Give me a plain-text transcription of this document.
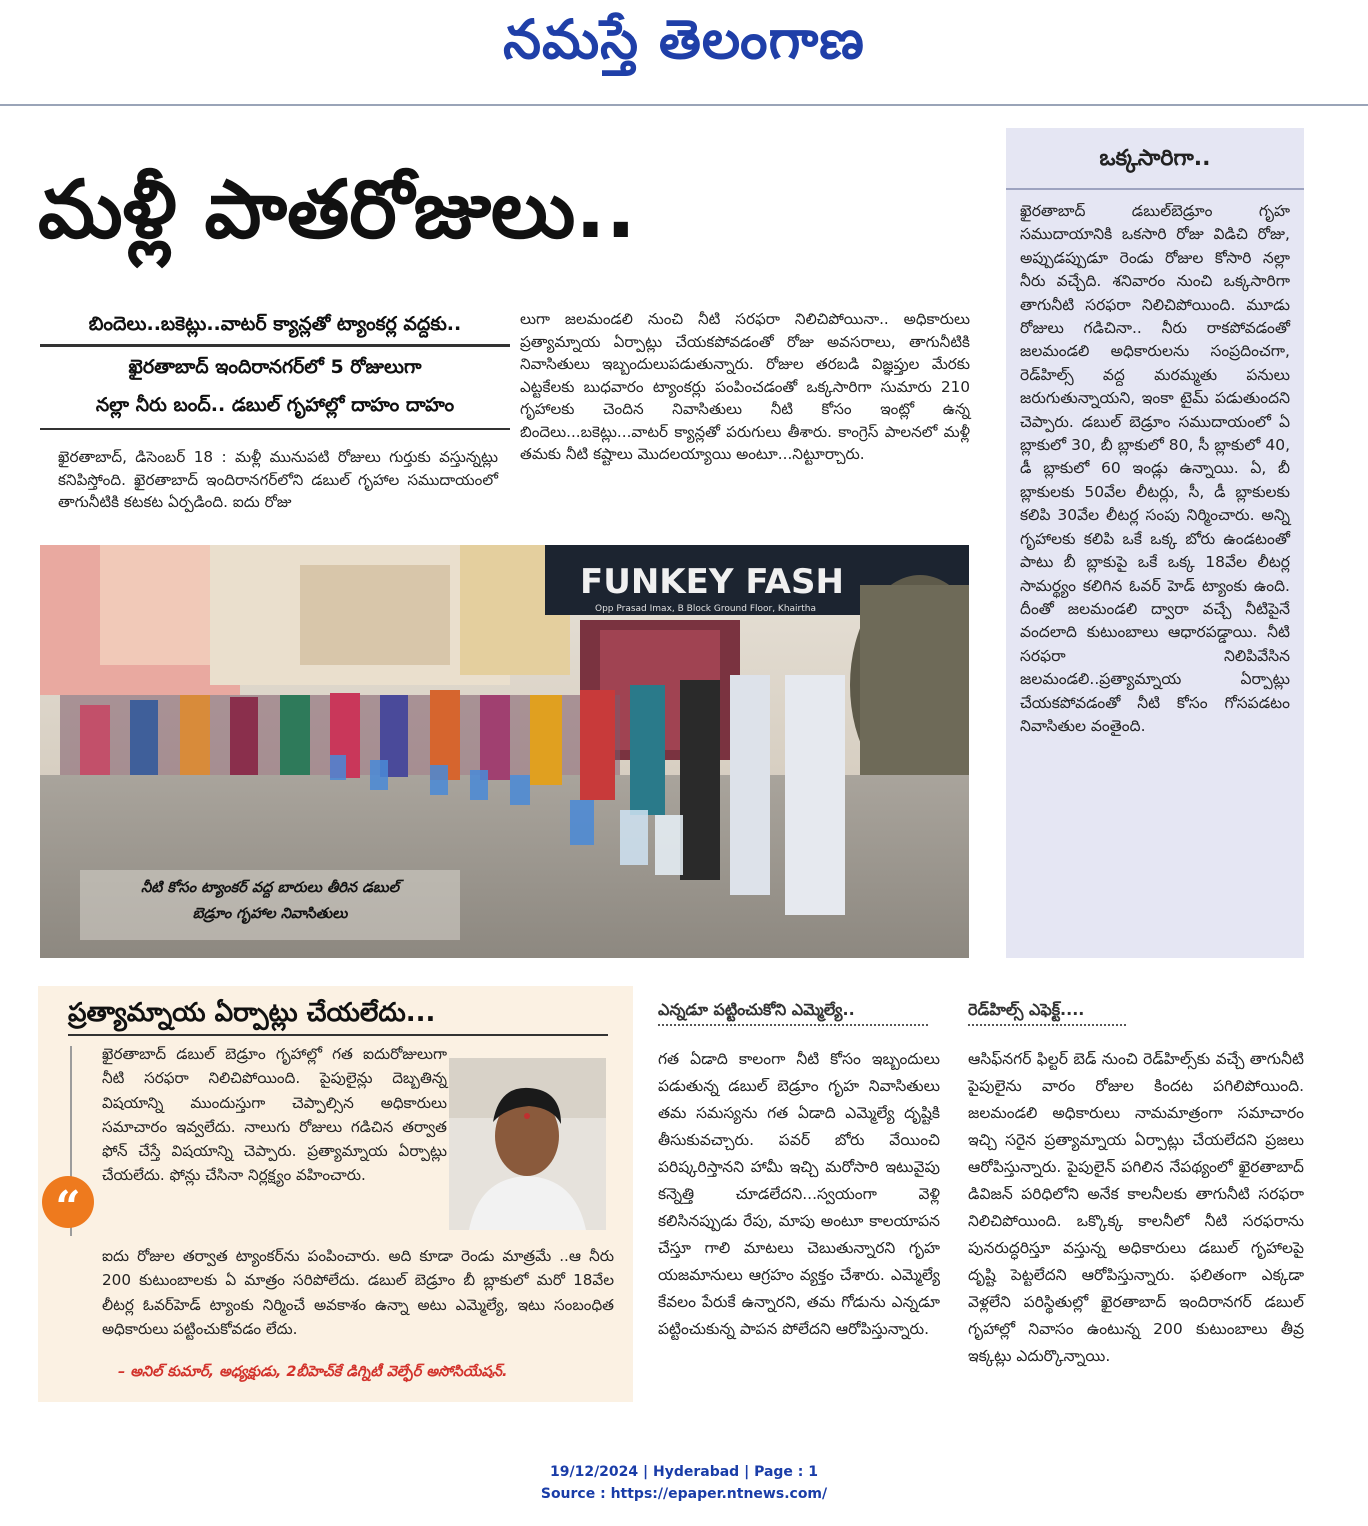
నమస్తే తెలంగాణ
మళ్లీ పాతరోజులు..
బిందెలు..బకెట్లు..వాటర్‌ క్యాన్లతో ట్యాంకర్ల వద్దకు..
ఖైరతాబాద్‌ ఇందిరానగర్‌లో 5 రోజులుగా
నల్లా నీరు బంద్‌.. డబుల్‌ గృహాల్లో దాహం దాహం
ఖైరతాబాద్‌, డిసెంబర్‌ 18 : మళ్లీ మునుపటి రోజులు గుర్తుకు వస్తున్నట్లు కనిపిస్తోంది. ఖైరతాబాద్‌ ఇందిరానగర్‌లోని డబుల్‌ గృహాల సముదాయంలో తాగునీటికి కటకట ఏర్పడింది. ఐదు రోజు
లుగా జలమండలి నుంచి నీటి సరఫరా నిలిచిపోయినా.. అధికారులు ప్రత్యామ్నాయ ఏర్పాట్లు చేయకపోవడంతో రోజు అవసరాలు, తాగునీటికి నివాసితులు ఇబ్బందులుపడుతున్నారు. రోజుల తరబడి విజ్ఞప్తుల మేరకు ఎట్టకేలకు బుధవారం ట్యాంకర్లు పంపించడంతో ఒక్కసారిగా సుమారు 210 గృహాలకు చెందిన నివాసితులు నీటి కోసం ఇంట్లో ఉన్న బిందెలు...బకెట్లు...వాటర్‌ క్యాన్లతో పరుగులు తీశారు. కాంగ్రెస్‌ పాలనలో మళ్లీ తమకు నీటి కష్టాలు మొదలయ్యాయి అంటూ...నిట్టూర్చారు.
FUNKEY FASH
Opp Prasad Imax, B Block Ground Floor, Khairtha
నీటి కోసం ట్యాంకర్‌ వద్ద బారులు తీరిన డబుల్‌
బెడ్రూం గృహాల నివాసితులు
ఒక్కసారిగా..
ఖైరతాబాద్‌ డబుల్‌బెడ్రూం గృహ సముదాయానికి ఒకసారి రోజు విడిచి రోజు, అప్పుడప్పుడూ రెండు రోజుల కోసారి నల్లా నీరు వచ్చేది. శనివారం నుంచి ఒక్కసారిగా తాగునీటి సరఫరా నిలిచిపోయింది. మూడు రోజులు గడిచినా.. నీరు రాకపోవడంతో జలమండలి అధికారులను సంప్రదించగా, రెడ్‌హిల్స్‌ వద్ద మరమ్మతు పనులు జరుగుతున్నాయని, ఇంకా టైమ్‌ పడుతుందని చెప్పారు. డబుల్‌ బెడ్రూం సముదాయంలో ఏ బ్లాకులో 30, బీ బ్లాకులో 80, సీ బ్లాకులో 40, డీ బ్లాకులో 60 ఇండ్లు ఉన్నాయి. ఏ, బీ బ్లాకులకు 50వేల లీటర్లు, సీ, డీ బ్లాకులకు కలిపి 30వేల లీటర్ల సంపు నిర్మించారు. అన్ని గృహాలకు కలిపి ఒకే ఒక్క బోరు ఉండటంతో పాటు బీ బ్లాకుపై ఒకే ఒక్క 18వేల లీటర్ల సామర్థ్యం కలిగిన ఓవర్‌ హెడ్‌ ట్యాంకు ఉంది. దీంతో జలమండలి ద్వారా వచ్చే నీటిపైనే వందలాది కుటుంబాలు ఆధారపడ్డాయి. నీటి సరఫరా నిలిపివేసిన జలమండలి..ప్రత్యామ్నాయ ఏర్పాట్లు చేయకపోవడంతో నీటి కోసం గోసపడటం నివాసితుల వంతైంది.
ప్రత్యామ్నాయ ఏర్పాట్లు చేయలేదు...
“
ఖైరతాబాద్‌ డబుల్‌ బెడ్రూం గృహాల్లో గత ఐదురోజులుగా నీటి సరఫరా నిలిచిపోయింది. పైపులైన్లు దెబ్బతిన్న విషయాన్ని ముందుస్తుగా చెప్పాల్సిన అధికారులు సమాచారం ఇవ్వలేదు. నాలుగు రోజులు గడిచిన తర్వాత ఫోన్‌ చేస్తే విషయాన్ని చెప్పారు. ప్రత్యామ్నాయ ఏర్పాట్లు చేయలేదు. ఫోన్లు చేసినా నిర్లక్ష్యం వహించారు.
ఐదు రోజుల తర్వాత ట్యాంకర్‌ను పంపించారు. అది కూడా రెండు మాత్రమే ..ఆ నీరు 200 కుటుంబాలకు ఏ మాత్రం సరిపోలేదు. డబుల్‌ బెడ్రూం బీ బ్లాకులో మరో 18వేల లీటర్ల ఓవర్‌హెడ్‌ ట్యాంకు నిర్మించే అవకాశం ఉన్నా అటు ఎమ్మెల్యే, ఇటు సంబంధిత అధికారులు పట్టించుకోవడం లేదు.
– అనిల్‌ కుమార్‌, అధ్యక్షుడు, 2బీహెచ్‌కే డిగ్నిటీ వెల్ఫేర్‌ అసోసియేషన్‌.
ఎన్నడూ పట్టించుకోని ఎమ్మెల్యే..
గత ఏడాది కాలంగా నీటి కోసం ఇబ్బందులు పడుతున్న డబుల్‌ బెడ్రూం గృహ నివాసితులు తమ సమస్యను గత ఏడాది ఎమ్మెల్యే దృష్టికి తీసుకువచ్చారు. పవర్‌ బోరు వేయించి పరిష్కరిస్తానని హామీ ఇచ్చి మరోసారి ఇటువైపు కన్నెత్తి చూడలేదని...స్వయంగా వెళ్లి కలిసినప్పుడు రేపు, మాపు అంటూ కాలయాపన చేస్తూ గాలి మాటలు చెబుతున్నారని గృహ యజమానులు ఆగ్రహం వ్యక్తం చేశారు. ఎమ్మెల్యే కేవలం పేరుకే ఉన్నారని, తమ గోడును ఎన్నడూ పట్టించుకున్న పాపన పోలేదని ఆరోపిస్తున్నారు.
రెడ్‌హిల్స్‌ ఎఫెక్ట్‌....
ఆసిఫ్‌నగర్‌ ఫిల్టర్‌ బెడ్‌ నుంచి రెడ్‌హిల్స్‌కు వచ్చే తాగునీటి పైపులైను వారం రోజుల కిందట పగిలిపోయింది. జలమండలి అధికారులు నామమాత్రంగా సమాచారం ఇచ్చి సరైన ప్రత్యామ్నాయ ఏర్పాట్లు చేయలేదని ప్రజలు ఆరోపిస్తున్నారు. పైపులైన్‌ పగిలిన నేపథ్యంలో ఖైరతాబాద్‌ డివిజన్‌ పరిధిలోని అనేక కాలనీలకు తాగునీటి సరఫరా నిలిచిపోయింది. ఒక్కొక్క కాలనీలో నీటి సరఫరాను పునరుద్ధరిస్తూ వస్తున్న అధికారులు డబుల్‌ గృహాలపై దృష్టి పెట్టలేదని ఆరోపిస్తున్నారు. ఫలితంగా ఎక్కడా వెళ్లలేని పరిస్థితుల్లో ఖైరతాబాద్‌ ఇందిరానగర్‌ డబుల్‌ గృహాల్లో నివాసం ఉంటున్న 200 కుటుంబాలు తీవ్ర ఇక్కట్లు ఎదుర్కొన్నాయి.
19/12/2024 | Hyderabad | Page : 1
Source : https://epaper.ntnews.com/
